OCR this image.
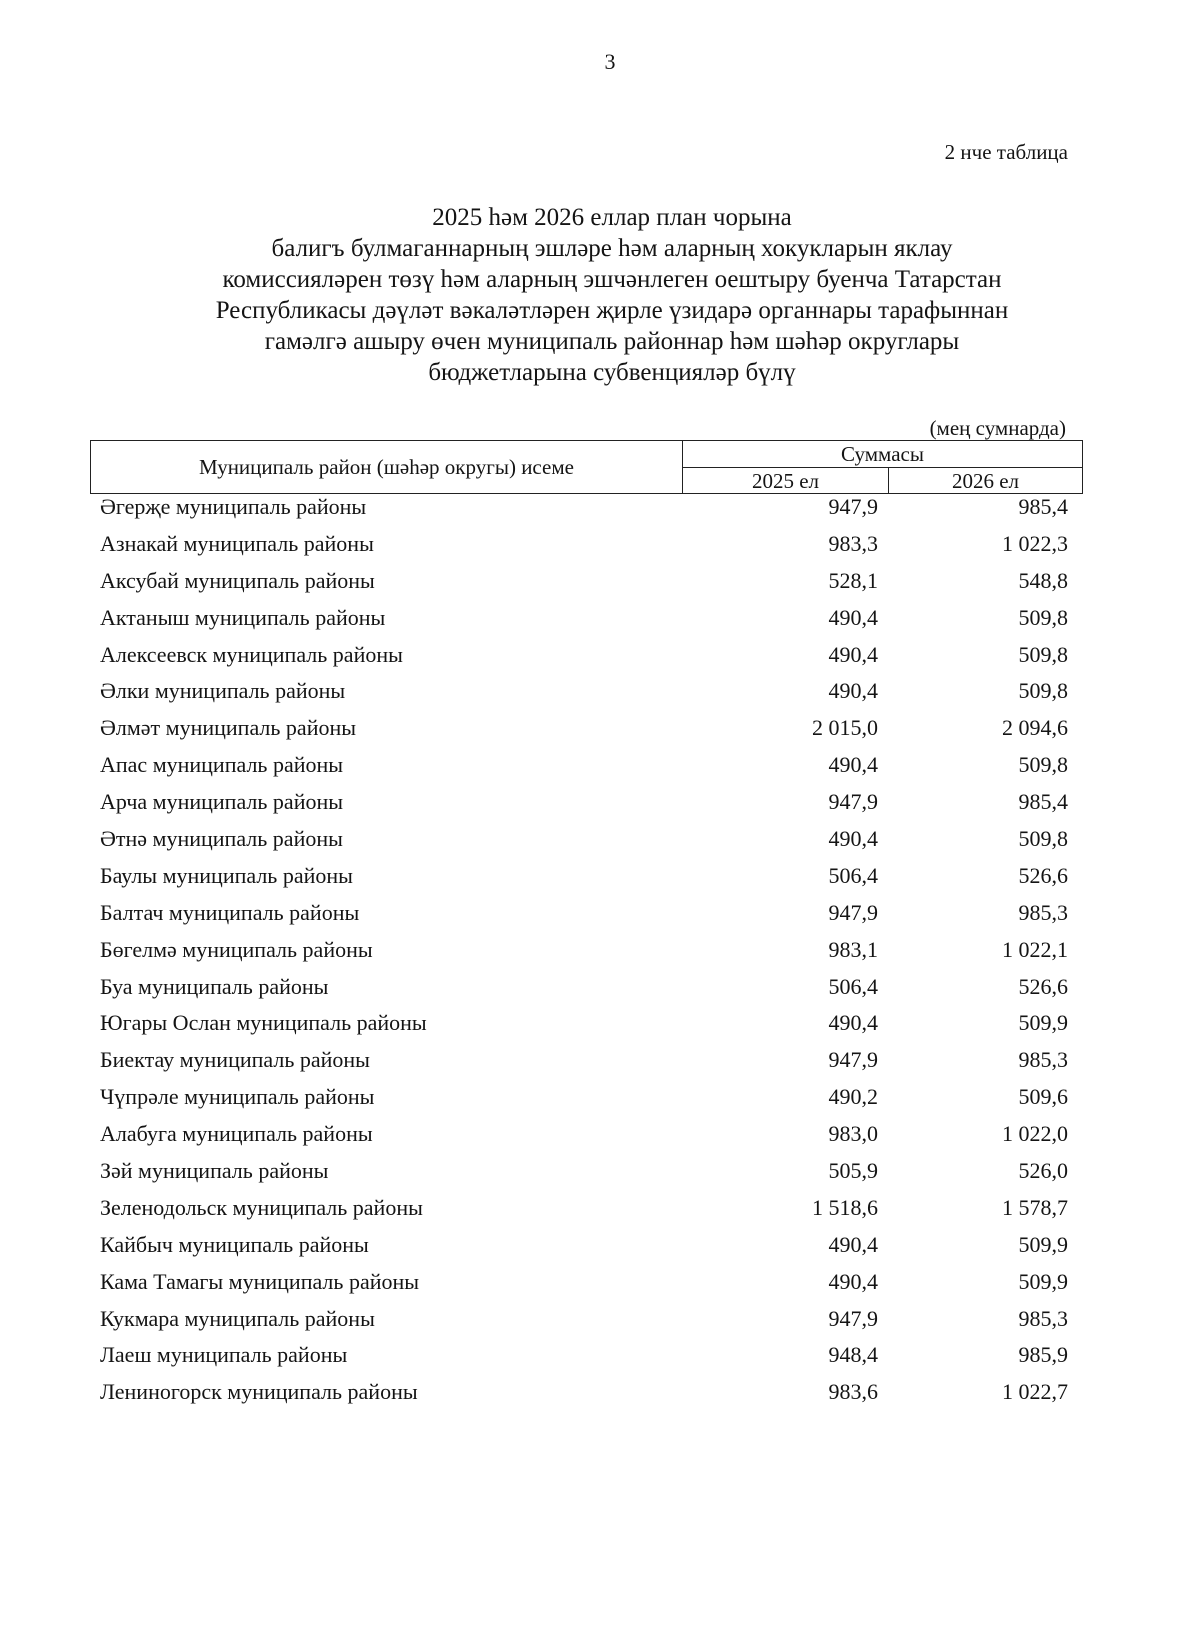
3
2 нче таблица
2025 һәм 2026 еллар план чорына
балигъ булмаганнарның эшләре һәм аларның хокукларын яклау
комиссияләрен төзү һәм аларның эшчәнлеген оештыру буенча Татарстан
Республикасы дәүләт вәкаләтләрен җирле үзидарә органнары тарафыннан
гамәлгә ашыру өчен муниципаль районнар һәм шәһәр округлары
бюджетларына субвенцияләр бүлү
(мең сумнарда)
Муниципаль район (шәһәр округы) исеме	Суммасы	
	2025 ел	2026 ел
Әгерҗе муниципаль районы	947,9	985,4
Азнакай муниципаль районы	983,3	1 022,3
Аксубай муниципаль районы	528,1	548,8
Актаныш муниципаль районы	490,4	509,8
Алексеевск муниципаль районы	490,4	509,8
Әлки муниципаль районы	490,4	509,8
Әлмәт муниципаль районы	2 015,0	2 094,6
Апас муниципаль районы	490,4	509,8
Арча муниципаль районы	947,9	985,4
Әтнә муниципаль районы	490,4	509,8
Баулы муниципаль районы	506,4	526,6
Балтач муниципаль районы	947,9	985,3
Бөгелмә муниципаль районы	983,1	1 022,1
Буа муниципаль районы	506,4	526,6
Югары Ослан муниципаль районы	490,4	509,9
Биектау муниципаль районы	947,9	985,3
Чүпрәле муниципаль районы	490,2	509,6
Алабуга муниципаль районы	983,0	1 022,0
Зәй муниципаль районы	505,9	526,0
Зеленодольск муниципаль районы	1 518,6	1 578,7
Кайбыч муниципаль районы	490,4	509,9
Кама Тамагы муниципаль районы	490,4	509,9
Кукмара муниципаль районы	947,9	985,3
Лаеш муниципаль районы	948,4	985,9
Лениногорск муниципаль районы	983,6	1 022,7
